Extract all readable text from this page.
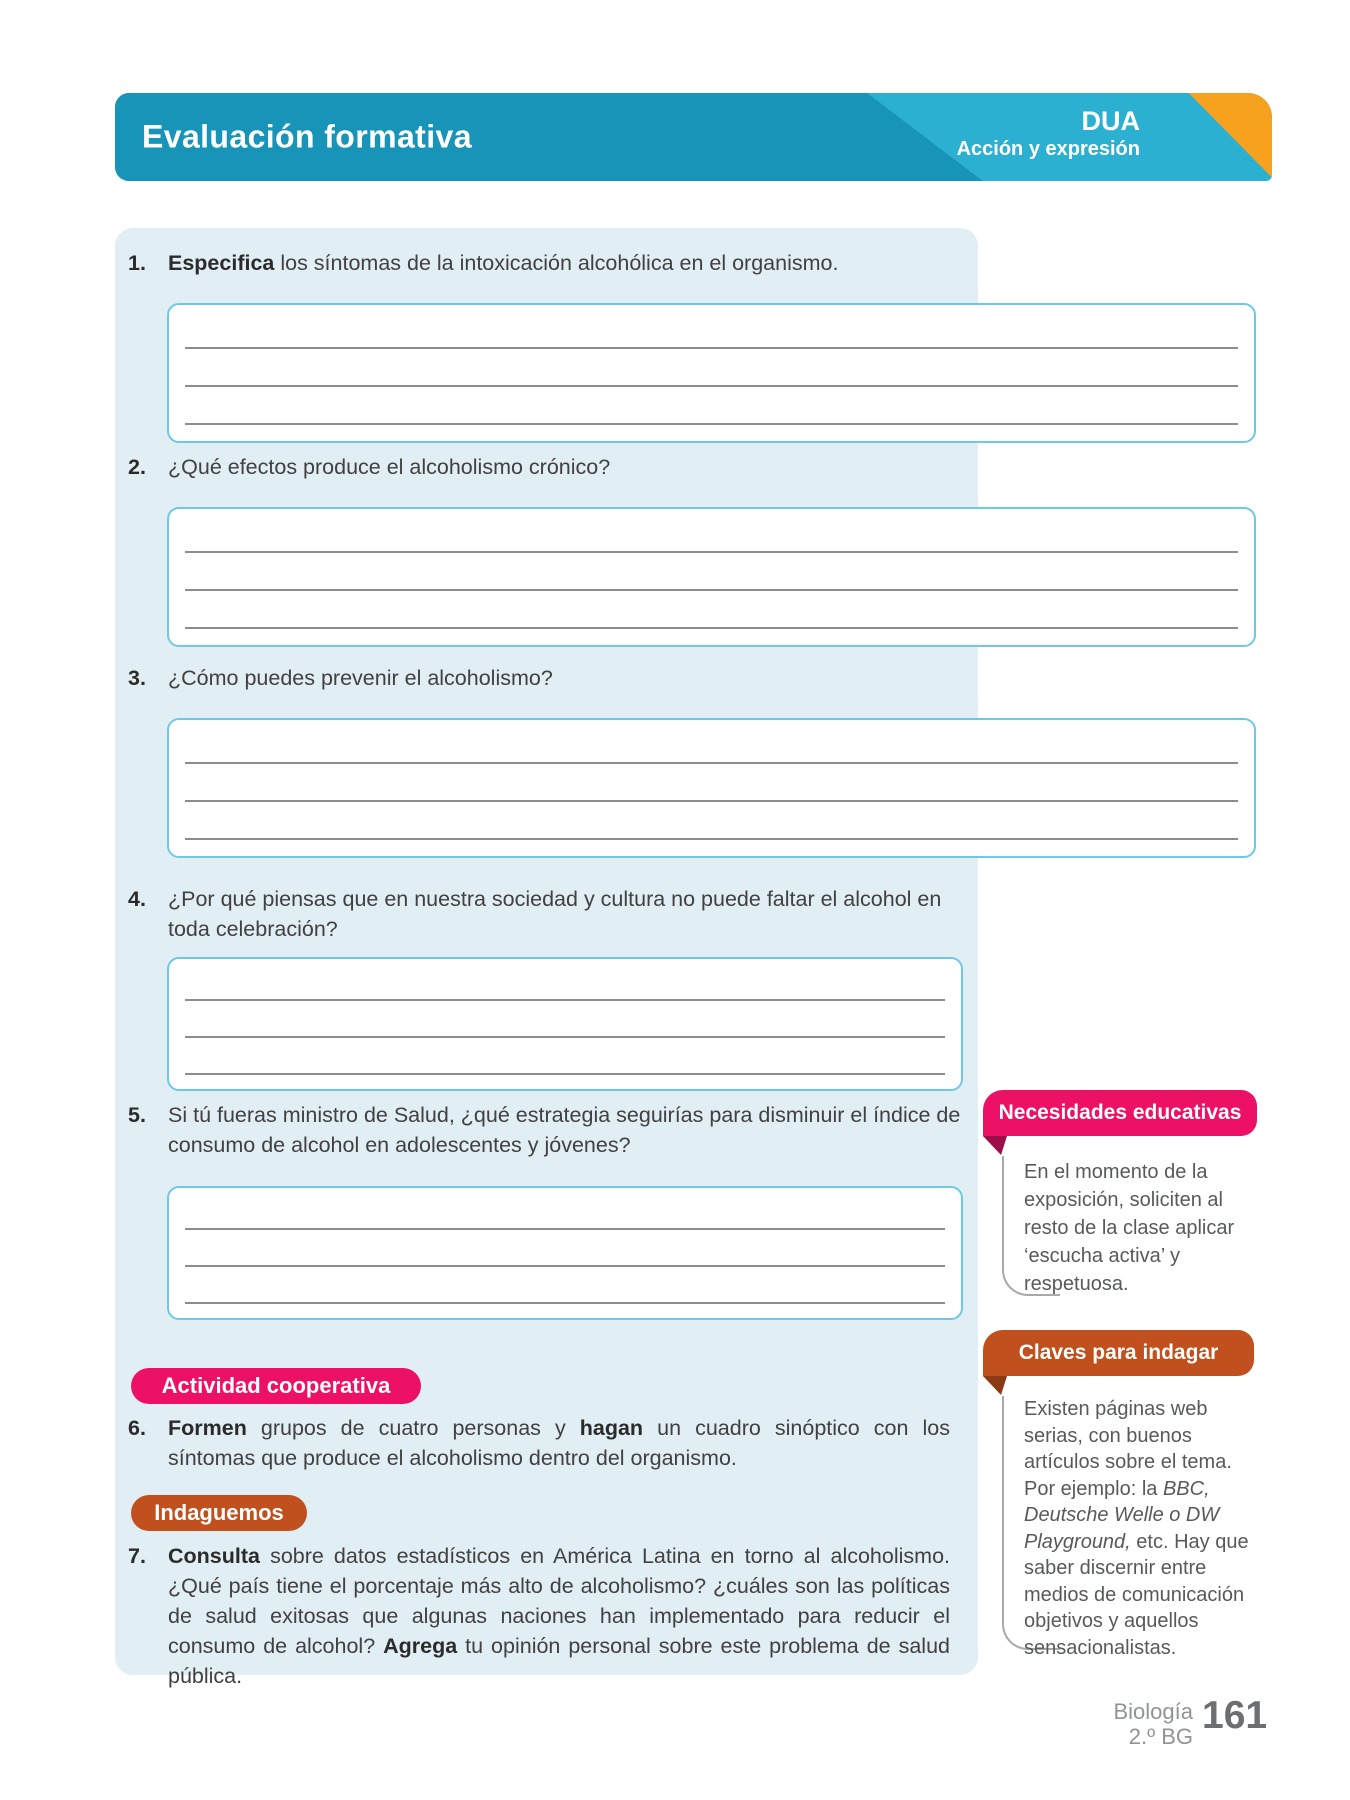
Evaluación formativa	DUA
Acción y expresión
1. Especifica los síntomas de la intoxicación alcohólica en el organismo.
2. ¿Qué efectos produce el alcoholismo crónico?
3. ¿Cómo puedes prevenir el alcoholismo?
4. ¿Por qué piensas que en nuestra sociedad y cultura no puede faltar el alcohol en toda celebración?
5. Si tú fueras ministro de Salud, ¿qué estrategia seguirías para disminuir el índice de consumo de alcohol en adolescentes y jóvenes?
Actividad cooperativa
6. Formen grupos de cuatro personas y hagan un cuadro sinóptico con los síntomas que produce el alcoholismo dentro del organismo.
Indaguemos
7. Consulta sobre datos estadísticos en América Latina en torno al alcoholismo. ¿Qué país tiene el porcentaje más alto de alcoholismo? ¿cuáles son las políticas de salud exitosas que algunas naciones han implementado para reducir el consumo de alcohol? Agrega tu opinión personal sobre este problema de salud pública.
Necesidades educativas
En el momento de la exposición, soliciten al resto de la clase aplicar ‘escucha activa’ y respetuosa.
Claves para indagar
Existen páginas web serias, con buenos artículos sobre el tema. Por ejemplo: la BBC, Deutsche Welle o DW Playground, etc. Hay que saber discernir entre medios de comunicación objetivos y aquellos sensacionalistas.
Biología
2.º BG 161
